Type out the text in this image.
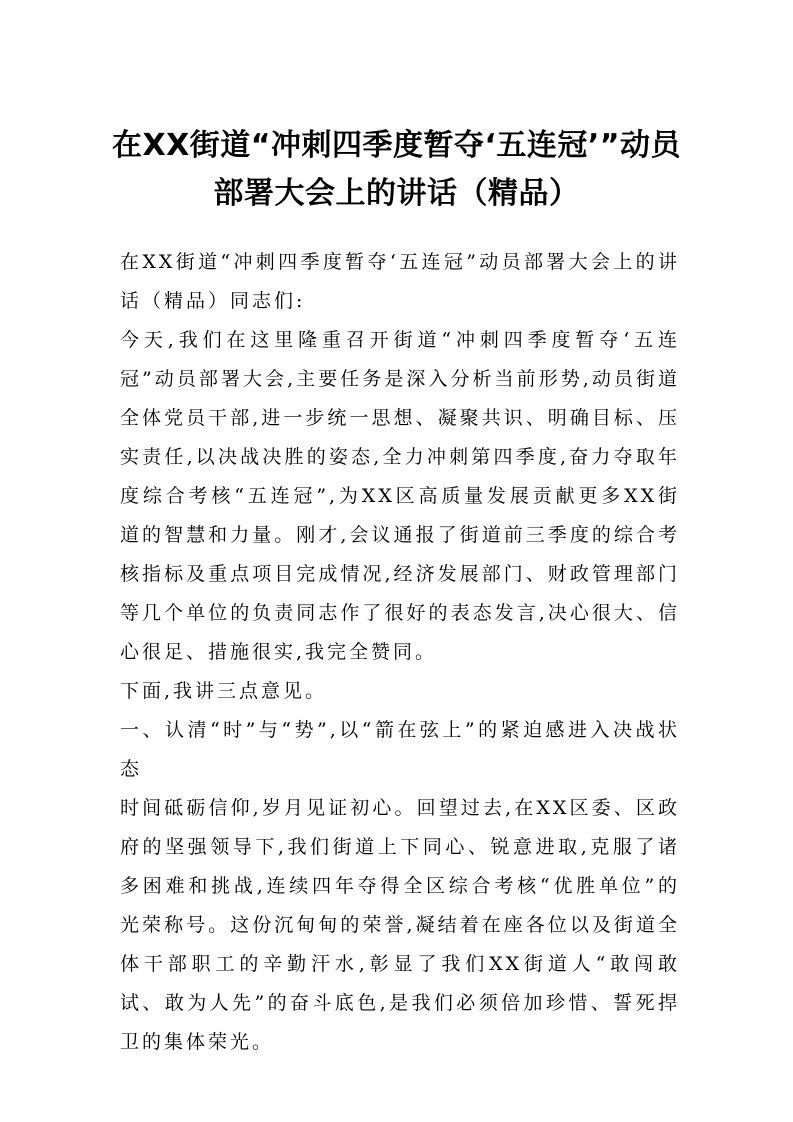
在XX街道“冲刺四季度暂夺‘五连冠’”动员部署大会上的讲话（精品）

在XX街道“冲刺四季度暂夺‘五连冠”动员部署大会上的讲话（精品）同志们:

今天,我们在这里隆重召开街道“冲刺四季度暂夺‘五连冠”动员部署大会,主要任务是深入分析当前形势,动员街道全体党员干部,进一步统一思想、凝聚共识、明确目标、压实责任,以决战决胜的姿态,全力冲刺第四季度,奋力夺取年度综合考核“五连冠”,为XX区高质量发展贡献更多XX街道的智慧和力量。刚才,会议通报了街道前三季度的综合考核指标及重点项目完成情况,经济发展部门、财政管理部门等几个单位的负责同志作了很好的表态发言,决心很大、信心很足、措施很实,我完全赞同。

下面,我讲三点意见。

一、认清“时”与“势”,以“箭在弦上”的紧迫感进入决战状态

时间砥砺信仰,岁月见证初心。回望过去,在XX区委、区政府的坚强领导下,我们街道上下同心、锐意进取,克服了诸多困难和挑战,连续四年夺得全区综合考核“优胜单位”的光荣称号。这份沉甸甸的荣誉,凝结着在座各位以及街道全体干部职工的辛勤汗水,彰显了我们XX街道人“敢闯敢试、敢为人先”的奋斗底色,是我们必须倍加珍惜、誓死捍卫的集体荣光。
